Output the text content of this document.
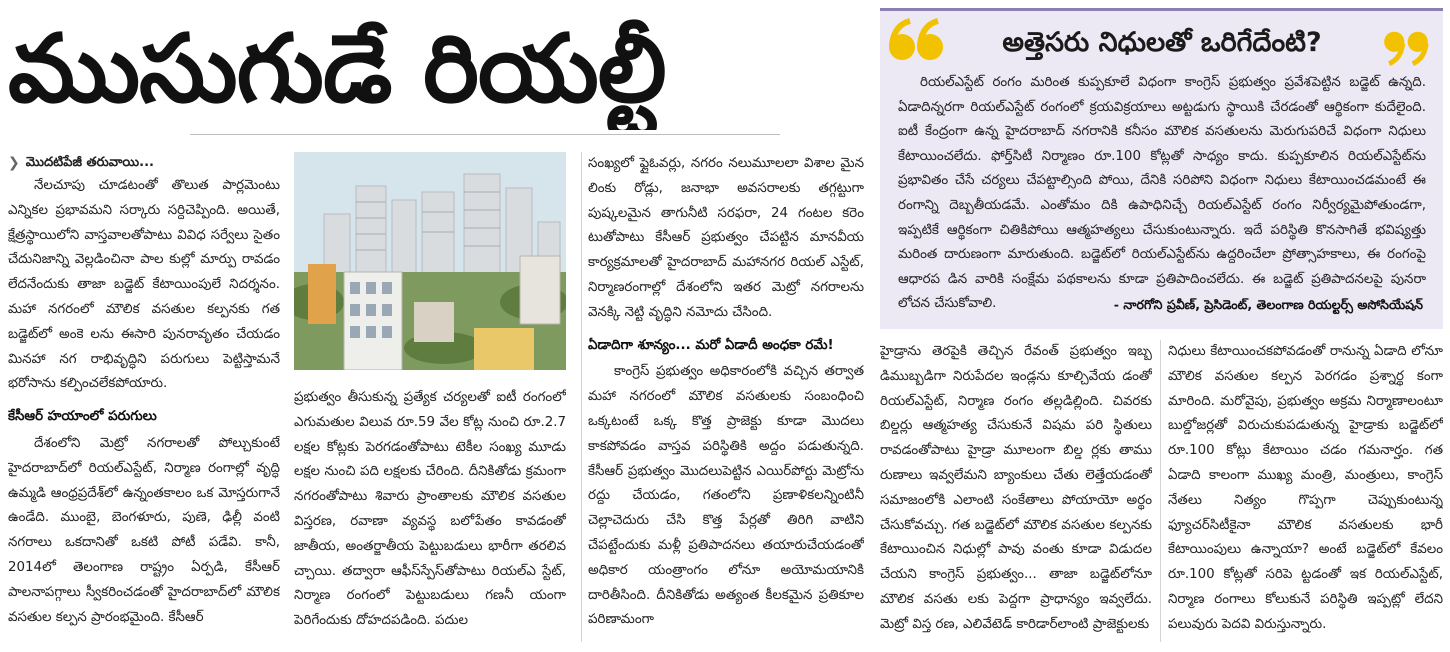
ముసుగుడే రియల్టీ
❯ మొదటిపేజీ తరువాయి...

నేలచూపు చూడటంతో తొలుత పార్లమెంటు ఎన్నికల ప్రభావమని సర్కారు సర్దిచెప్పింది. అయితే, క్షేత్రస్థాయిలోని వాస్తవాలతోపాటు వివిధ సర్వేలు సైతం చేదునిజాన్ని వెల్లడించినా పాల కుల్లో మార్పు రావడం లేదనేందుకు తాజా బడ్జెట్ కేటాయింపులే నిదర్శనం. మహా నగరంలో మౌలిక వసతుల కల్పనకు గత బడ్జెట్‌లో అంకె లను ఈసారి పునరావృతం చేయడం మినహా నగ రాభివృద్ధిని పరుగులు పెట్టిస్తామనే భరోసాను కల్పించలేకపోయారు.

కేసీఆర్ హయాంలో పరుగులు

దేశంలోని మెట్రో నగరాలతో పోల్చుకుంటే హైదరాబాద్‌లో రియల్ఎస్టేట్, నిర్మాణ రంగాల్లో వృద్ధి ఉమ్మడి ఆంధ్రప్రదేశ్‌లో ఉన్నంతకాలం ఒక మోస్తరుగానే ఉండేది. ముంబై, బెంగళూరు, పుణె, ఢిల్లీ వంటి నగరాలు ఒకదానితో ఒకటి పోటీ పడేవి. కానీ, 2014లో తెలంగాణ రాష్ట్రం ఏర్పడి, కేసీఆర్ పాలనాపగ్గాలు స్వీకరించడంతో హైదరాబాద్‌లో మౌలిక వసతుల కల్పన ప్రారంభమైంది. కేసీఆర్

ప్రభుత్వం తీసుకున్న ప్రత్యేక చర్యలతో ఐటీ రంగంలో ఎగుమతుల విలువ రూ.59 వేల కోట్ల నుంచి రూ.2.7 లక్షల కోట్లకు పెరగడంతోపాటు టెకీల సంఖ్య మూడు లక్షల నుంచి పది లక్షలకు చేరింది. దీనికితోడు క్రమంగా నగరంతోపాటు శివారు ప్రాంతాలకు మౌలిక వసతుల విస్తరణ, రవాణా వ్యవస్థ బలోపేతం కావడంతో జాతీయ, అంతర్జాతీయ పెట్టుబడులు భారీగా తరలివ చ్చాయి. తద్వారా ఆఫీస్‌స్పేస్‌తోపాటు రియల్ఎ స్టేట్, నిర్మాణ రంగంలో పెట్టుబడులు గణనీ యంగా పెరిగేందుకు దోహదపడింది. పదుల

సంఖ్యలో ఫ్లైఓవర్లు, నగరం నలుమూలలా విశాల మైన లింకు రోడ్లు, జనాభా అవసరాలకు తగ్గట్టుగా పుష్కలమైన తాగునీటి సరఫరా, 24 గంటల కరెం టుతోపాటు కేసీఆర్ ప్రభుత్వం చేపట్టిన మానవీయ కార్యక్రమాలతో హైదరాబాద్ మహానగర రియల్ ఎస్టేట్, నిర్మాణరంగాల్లో దేశంలోని ఇతర మెట్రో నగరాలను వెనక్కి నెట్టి వృద్ధిని నమోదు చేసింది.

ఏడాదిగా శూన్యం... మరో ఏడాదీ అంధకా రమే!

కాంగ్రెస్ ప్రభుత్వం అధికారంలోకి వచ్చిన తర్వాత మహా నగరంలో మౌలిక వసతులకు సంబంధించి ఒక్కటంటే ఒక్క కొత్త ప్రాజెక్టు కూడా మొదలు కాకపోవడం వాస్తవ పరిస్థితికి అద్దం పడుతున్నది. కేసీఆర్ ప్రభుత్వం మొదలుపెట్టిన ఎయిర్‌పోర్టు మెట్రోను రద్దు చేయడం, గతంలోని ప్రణాళికలన్నింటినీ చెల్లాచెదురు చేసి కొత్త పేర్లతో తిరిగి వాటిని చేపట్టేందుకు మళ్లీ ప్రతిపాదనలు తయారుచేయడంతో అధికార యంత్రాంగం లోనూ అయోమయానికి దారితీసింది. దీనికితోడు అత్యంత కీలకమైన ప్రతికూల పరిణామంగా

అత్తెసరు నిధులతో ఒరిగేదేంటి?

రియల్ఎస్టేట్ రంగం మరింత కుప్పకూలే విధంగా కాంగ్రెస్ ప్రభుత్వం ప్రవేశపెట్టిన బడ్జెట్ ఉన్నది. ఏడాదిన్నరగా రియల్ఎస్టేట్ రంగంలో క్రయవిక్రయాలు అట్టడుగు స్థాయికి చేరడంతో ఆర్థికంగా కుదేలైంది. ఐటీ కేంద్రంగా ఉన్న హైదరాబాద్ నగరానికి కనీసం మౌలిక వసతులను మెరుగుపరిచే విధంగా నిధులు కేటాయించలేదు. ఫోర్త్‌సిటీ నిర్మాణం రూ.100 కోట్లతో సాధ్యం కాదు. కుప్పకూలిన రియల్ఎస్టేట్‌ను ప్రభావితం చేసే చర్యలు చేపట్టాల్సింది పోయి, దేనికి సరిపోని విధంగా నిధులు కేటాయించడమంటే ఈ రంగాన్ని దెబ్బతీయడమే. ఎంతోమం దికి ఉపాధినిచ్చే రియల్ఎస్టేట్ రంగం నిర్వీర్యమైపోతుండగా, ఇప్పటికే ఆర్థికంగా చితికిపోయి ఆత్మహత్యలు చేసుకుంటున్నారు. ఇదే పరిస్థితి కొనసాగితే భవిష్యత్తు మరింత దారుణంగా మారుతుంది. బడ్జెట్‌లో రియల్ఎస్టేట్‌ను ఉద్దరించేలా ప్రోత్సాహకాలు, ఈ రంగంపై ఆధారప డిన వారికి సంక్షేమ పథకాలను కూడా ప్రతిపాదించలేదు. ఈ బడ్జెట్ ప్రతిపాదనలపై పునరా లోచన చేసుకోవాలి.	- నారగోని ప్రవీణ్, ప్రెసిడెంట్, తెలంగాణ రియల్టర్స్ అసోసియేషన్

హైడ్రాను తెరపైకి తెచ్చిన రేవంత్ ప్రభుత్వం ఇబ్బ డిముబ్బడిగా నిరుపేదల ఇండ్లను కూల్చివేయ డంతో రియల్ఎస్టేట్, నిర్మాణ రంగం తల్లడిల్లింది. చివరకు బిల్డర్లు ఆత్మహత్య చేసుకునే విషమ పరి స్థితులు రావడంతోపాటు హైడ్రా మూలంగా బిల్డ ర్లకు తాము రుణాలు ఇవ్వలేమని బ్యాంకులు చేతు లెత్తేయడంతో సమాజంలోకి ఎలాంటి సంకేతాలు పోయాయో అర్థం చేసుకోవచ్చు. గత బడ్జెట్‌లో మౌలిక వసతుల కల్పనకు కేటాయించిన నిధుల్లో పావు వంతు కూడా విడుదల చేయని కాంగ్రెస్ ప్రభుత్వం... తాజా బడ్జెట్‌లోనూ మౌలిక వసతు లకు పెద్దగా ప్రాధాన్యం ఇవ్వలేదు. మెట్రో విస్త రణ, ఎలివేటెడ్ కారిడార్‌లాంటి ప్రాజెక్టులకు

నిధులు కేటాయించకపోవడంతో రానున్న ఏడాది లోనూ మౌలిక వసతుల కల్పన పెరగడం ప్రశ్నార్థ కంగా మారింది. మరోవైపు, ప్రభుత్వం అక్రమ నిర్మాణాలంటూ బుల్డోజర్లతో విరుచుకుపడుతున్న హైడ్రాకు బడ్జెట్‌లో రూ.100 కోట్లు కేటాయిం చడం గమనార్హం. గత ఏడాది కాలంగా ముఖ్య మంత్రి, మంత్రులు, కాంగ్రెస్ నేతలు నిత్యం గొప్పగా చెప్పుకుంటున్న ఫ్యూచర్‌సిటీకైనా మౌలిక వసతులకు భారీ కేటాయింపులు ఉన్నాయా? అంటే బడ్జెట్‌లో కేవలం రూ.100 కోట్లతో సరిపె ట్టడంతో ఇక రియల్ఎస్టేట్, నిర్మాణ రంగాలు కోలుకునే పరిస్థితి ఇప్పట్లో లేదని పలువురు పెదవి విరుస్తున్నారు.
